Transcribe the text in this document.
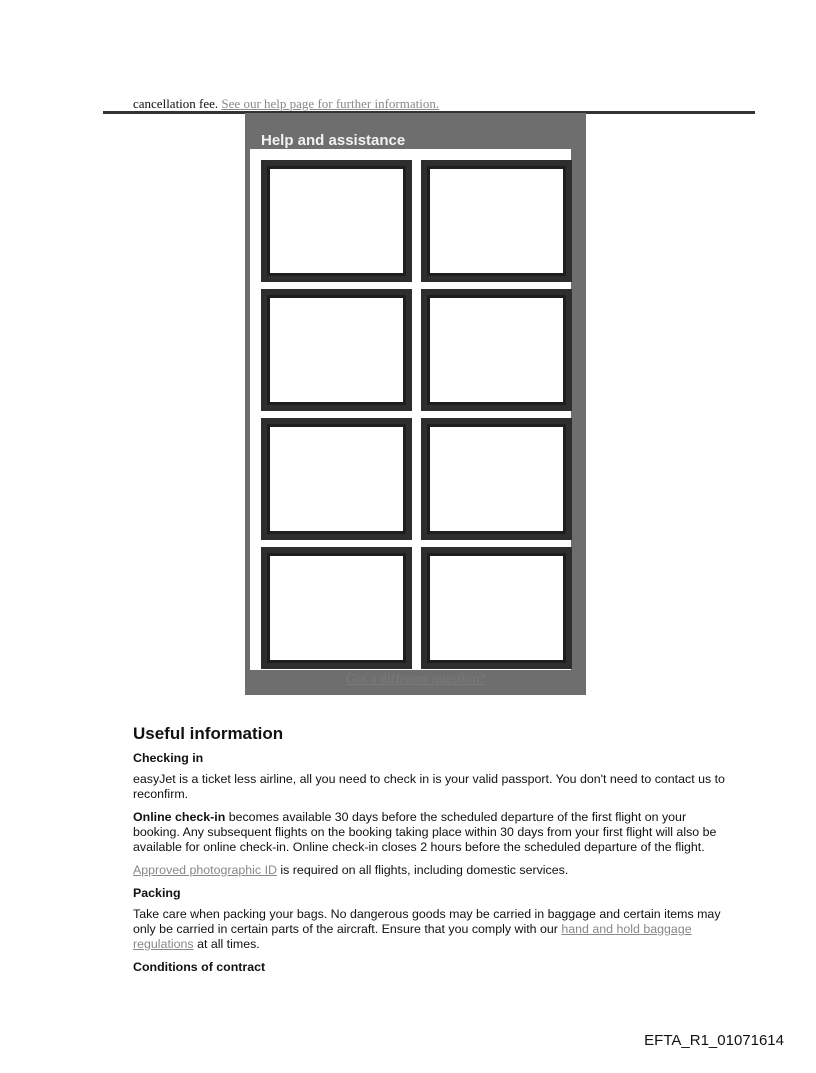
cancellation fee. See our help page for further information.
Help and assistance
Got a different question?
Useful information
Checking in

easyJet is a ticket less airline, all you need to check in is your valid passport. You don't need to contact us to reconfirm.

Online check-in becomes available 30 days before the scheduled departure of the first flight on your booking. Any subsequent flights on the booking taking place within 30 days from your first flight will also be available for online check-in. Online check-in closes 2 hours before the scheduled departure of the flight.

Approved photographic ID is required on all flights, including domestic services.

Packing

Take care when packing your bags. No dangerous goods may be carried in baggage and certain items may only be carried in certain parts of the aircraft. Ensure that you comply with our hand and hold baggage regulations at all times.

Conditions of contract
EFTA_R1_01071614
